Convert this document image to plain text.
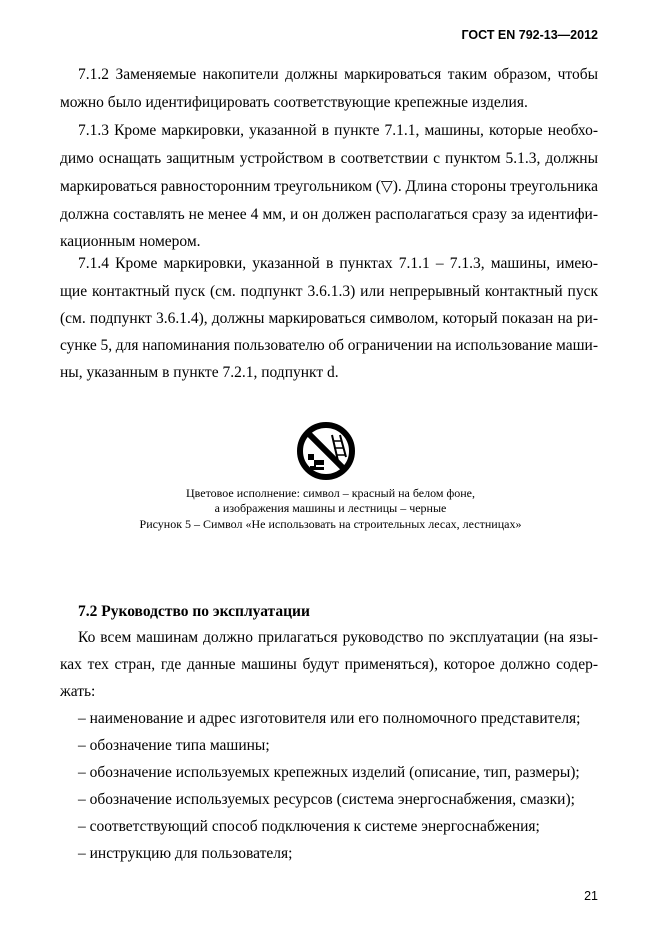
ГОСТ EN 792-13—2012
7.1.2 Заменяемые накопители должны маркироваться таким образом, чтобы
можно было идентифицировать соответствующие крепежные изделия.
7.1.3 Кроме маркировки, указанной в пункте 7.1.1, машины, которые необхо-
димо оснащать защитным устройством в соответствии с пунктом 5.1.3, должны
маркироваться равносторонним треугольником (▽). Длина стороны треугольника
должна составлять не менее 4 мм, и он должен располагаться сразу за идентифи-
кационным номером.
7.1.4 Кроме маркировки, указанной в пунктах 7.1.1 – 7.1.3, машины, имею-
щие контактный пуск (см. подпункт 3.6.1.3) или непрерывный контактный пуск
(см. подпункт 3.6.1.4), должны маркироваться символом, который показан на ри-
сунке 5, для напоминания пользователю об ограничении на использование маши-
ны, указанным в пункте 7.2.1, подпункт d.
Цветовое исполнение: символ – красный на белом фоне,
а изображения машины и лестницы – черные
Рисунок 5 – Символ «Не использовать на строительных лесах, лестницах»
7.2 Руководство по эксплуатации
Ко всем машинам должно прилагаться руководство по эксплуатации (на язы-
ках тех стран, где данные машины будут применяться), которое должно содер-
жать:
– наименование и адрес изготовителя или его полномочного представителя;
– обозначение типа машины;
– обозначение используемых крепежных изделий (описание, тип, размеры);
– обозначение используемых ресурсов (система энергоснабжения, смазки);
– соответствующий способ подключения к системе энергоснабжения;
– инструкцию для пользователя;
21
